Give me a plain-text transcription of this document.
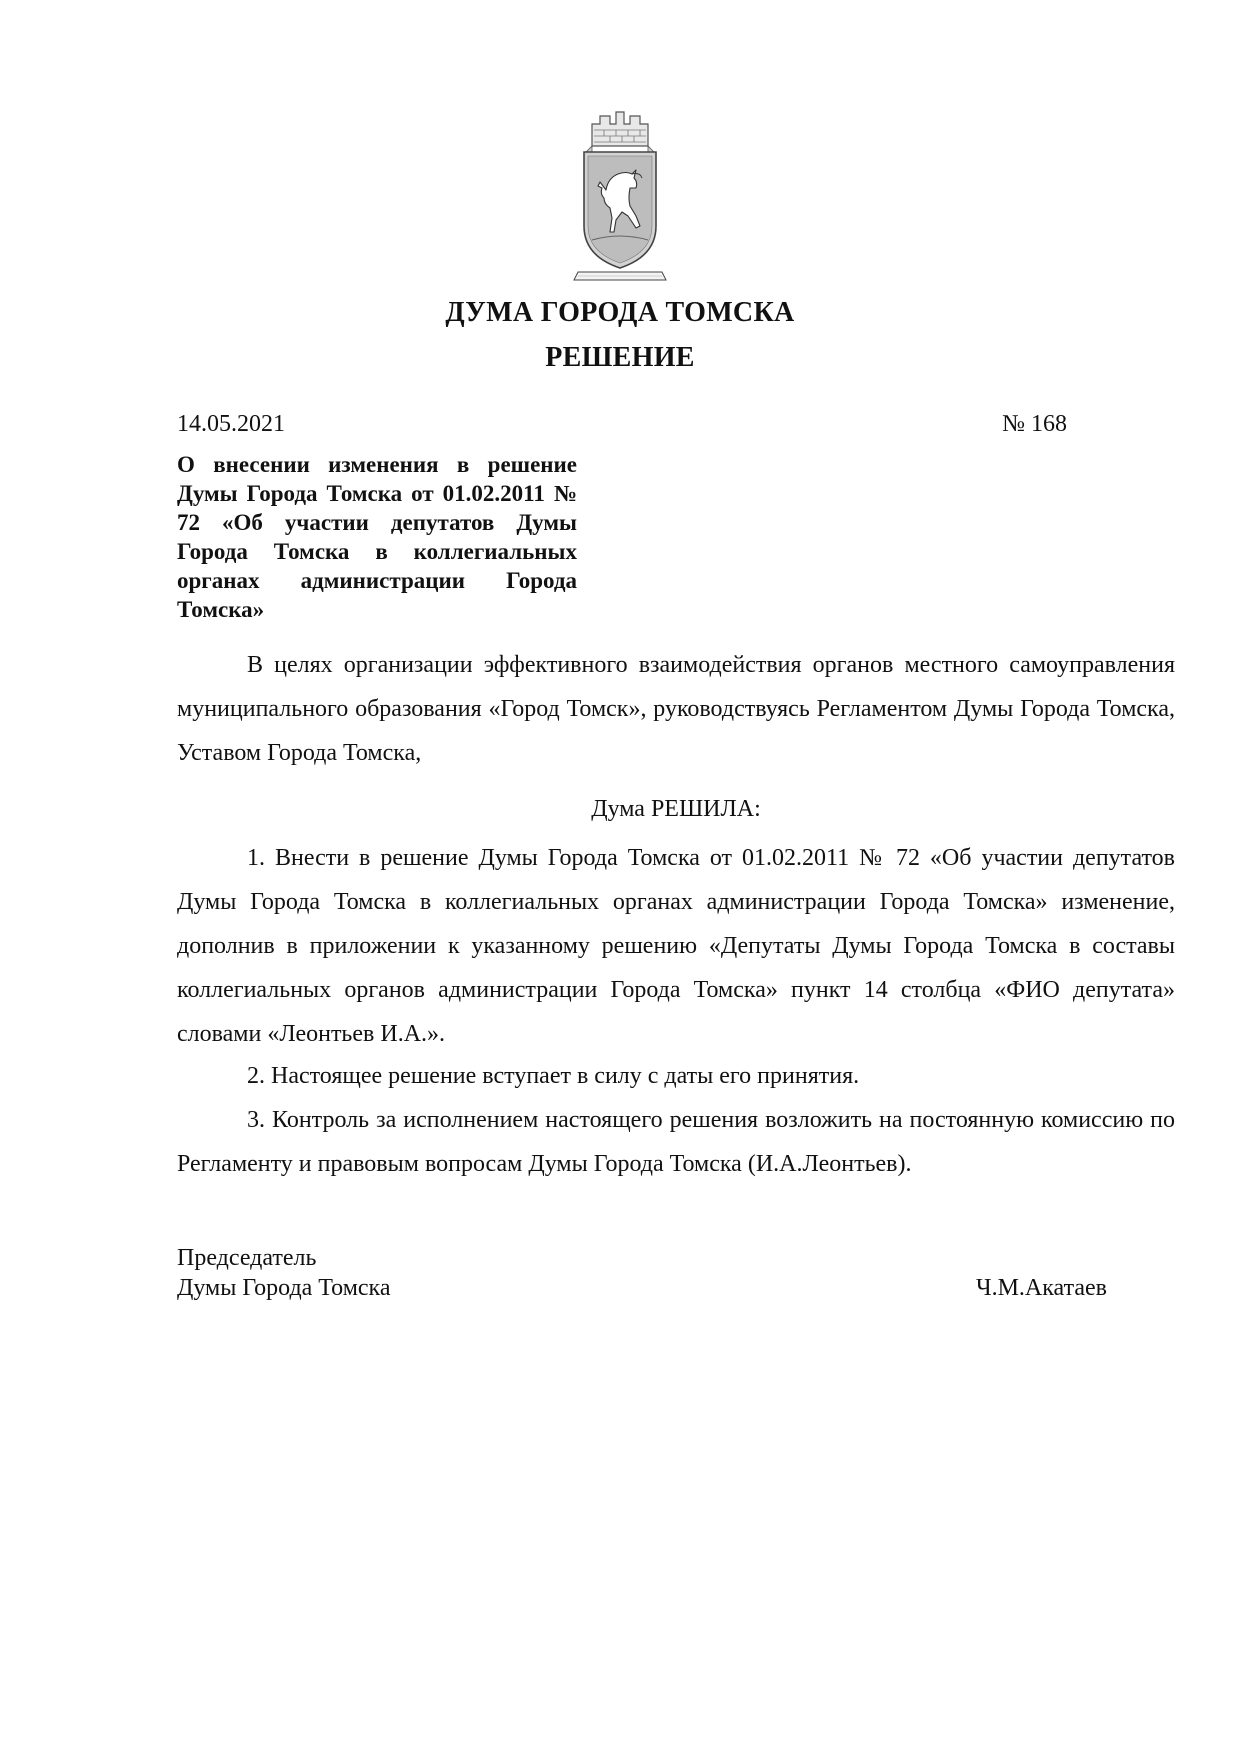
ДУМА ГОРОДА ТОМСКА
РЕШЕНИЕ
14.05.2021	№ 168
О внесении изменения в решение Думы Города Томска от 01.02.2011 № 72 «Об участии депутатов Думы Города Томска в коллегиальных органах администрации Города Томска»

В целях организации эффективного взаимодействия органов местного самоуправления муниципального образования «Город Томск», руководствуясь Регламентом Думы Города Томска, Уставом Города Томска,

Дума РЕШИЛА:

1. Внести в решение Думы Города Томска от 01.02.2011 № 72 «Об участии депутатов Думы Города Томска в коллегиальных органах администрации Города Томска» изменение, дополнив в приложении к указанному решению «Депутаты Думы Города Томска в составы коллегиальных органов администрации Города Томска» пункт 14 столбца «ФИО депутата» словами «Леонтьев И.А.».

2. Настоящее решение вступает в силу с даты его принятия.

3. Контроль за исполнением настоящего решения возложить на постоянную комиссию по Регламенту и правовым вопросам Думы Города Томска (И.А.Леонтьев).

Председатель
Думы Города Томска	Ч.М.Акатаев
